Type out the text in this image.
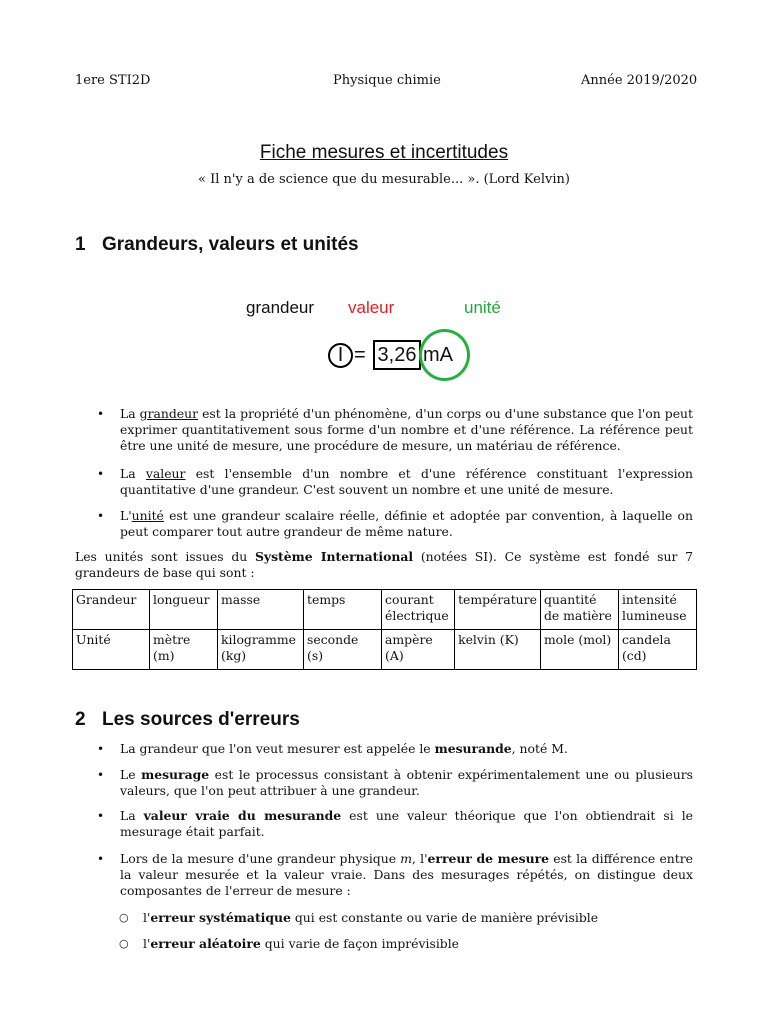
1ere STI2D	Physique chimie	Année 2019/2020
Fiche mesures et incertitudes
« Il n'y a de science que du mesurable... ». (Lord Kelvin)
1 Grandeurs, valeurs et unités
grandeur valeur	unité
I = 3,26 mA
• La grandeur est la propriété d'un phénomène, d'un corps ou d'une substance que l'on peut exprimer quantitativement sous forme d'un nombre et d'une référence. La référence peut être une unité de mesure, une procédure de mesure, un matériau de référence.
• La valeur est l'ensemble d'un nombre et d'une référence constituant l'expression quantitative d'une grandeur. C'est souvent un nombre et une unité de mesure.
• L'unité est une grandeur scalaire réelle, définie et adoptée par convention, à laquelle on peut comparer tout autre grandeur de même nature.
Les unités sont issues du Système International (notées SI). Ce système est fondé sur 7 grandeurs de base qui sont :
Grandeur	longueur	masse	temps	courant électrique	température	quantité de matière	intensité lumineuse
Unité	mètre (m)	kilogramme (kg)	seconde (s)	ampère (A)	kelvin (K)	mole (mol)	candela (cd)
2 Les sources d'erreurs
• La grandeur que l'on veut mesurer est appelée le mesurande, noté M.
• Le mesurage est le processus consistant à obtenir expérimentalement une ou plusieurs valeurs, que l'on peut attribuer à une grandeur.
• La valeur vraie du mesurande est une valeur théorique que l'on obtiendrait si le mesurage était parfait.
• Lors de la mesure d'une grandeur physique m, l'erreur de mesure est la différence entre la valeur mesurée et la valeur vraie. Dans des mesurages répétés, on distingue deux composantes de l'erreur de mesure :
○ l'erreur systématique qui est constante ou varie de manière prévisible
○ l'erreur aléatoire qui varie de façon imprévisible
